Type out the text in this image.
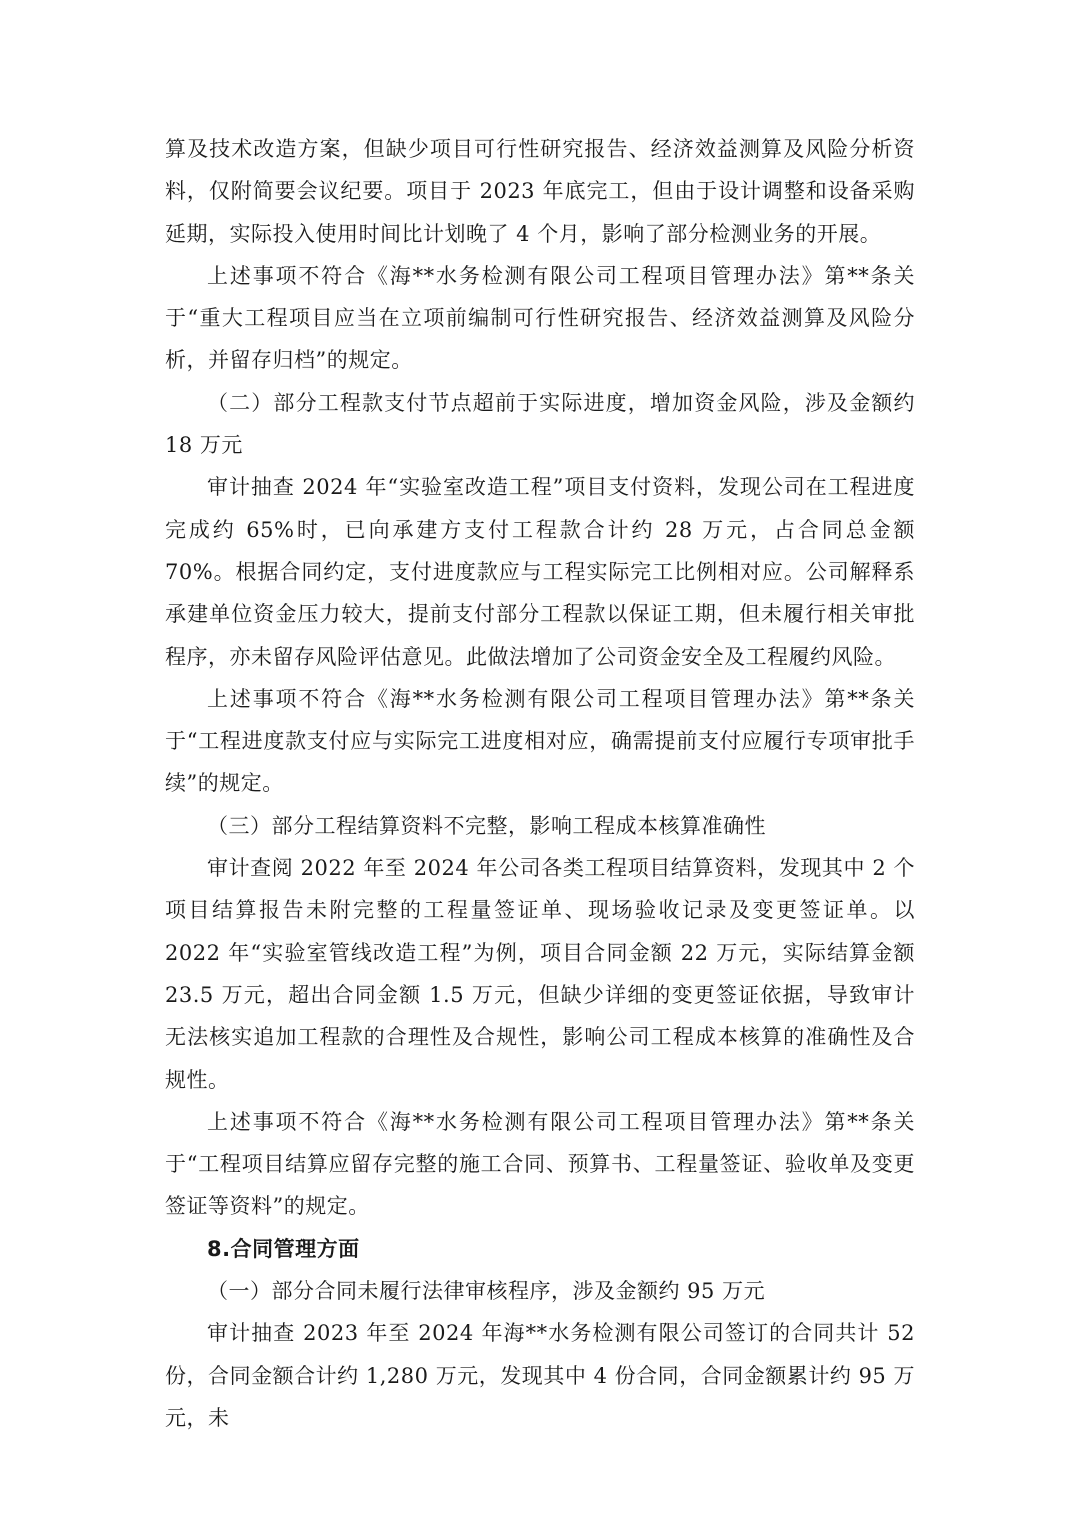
算及技术改造方案，但缺少项目可行性研究报告、经济效益测算及风险分析资料，仅附简要会议纪要。项目于 2023 年底完工，但由于设计调整和设备采购延期，实际投入使用时间比计划晚了 4 个月，影响了部分检测业务的开展。

上述事项不符合《海**水务检测有限公司工程项目管理办法》第**条关于“重大工程项目应当在立项前编制可行性研究报告、经济效益测算及风险分析，并留存归档”的规定。

（二）部分工程款支付节点超前于实际进度，增加资金风险，涉及金额约 18 万元

审计抽查 2024 年“实验室改造工程”项目支付资料，发现公司在工程进度完成约 65%时，已向承建方支付工程款合计约 28 万元，占合同总金额 70%。根据合同约定，支付进度款应与工程实际完工比例相对应。公司解释系承建单位资金压力较大，提前支付部分工程款以保证工期，但未履行相关审批程序，亦未留存风险评估意见。此做法增加了公司资金安全及工程履约风险。

上述事项不符合《海**水务检测有限公司工程项目管理办法》第**条关于“工程进度款支付应与实际完工进度相对应，确需提前支付应履行专项审批手续”的规定。

（三）部分工程结算资料不完整，影响工程成本核算准确性

审计查阅 2022 年至 2024 年公司各类工程项目结算资料，发现其中 2 个项目结算报告未附完整的工程量签证单、现场验收记录及变更签证单。以 2022 年“实验室管线改造工程”为例，项目合同金额 22 万元，实际结算金额 23.5 万元，超出合同金额 1.5 万元，但缺少详细的变更签证依据，导致审计无法核实追加工程款的合理性及合规性，影响公司工程成本核算的准确性及合规性。

上述事项不符合《海**水务检测有限公司工程项目管理办法》第**条关于“工程项目结算应留存完整的施工合同、预算书、工程量签证、验收单及变更签证等资料”的规定。

8.合同管理方面

（一）部分合同未履行法律审核程序，涉及金额约 95 万元

审计抽查 2023 年至 2024 年海**水务检测有限公司签订的合同共计 52 份，合同金额合计约 1,280 万元，发现其中 4 份合同，合同金额累计约 95 万元，未
